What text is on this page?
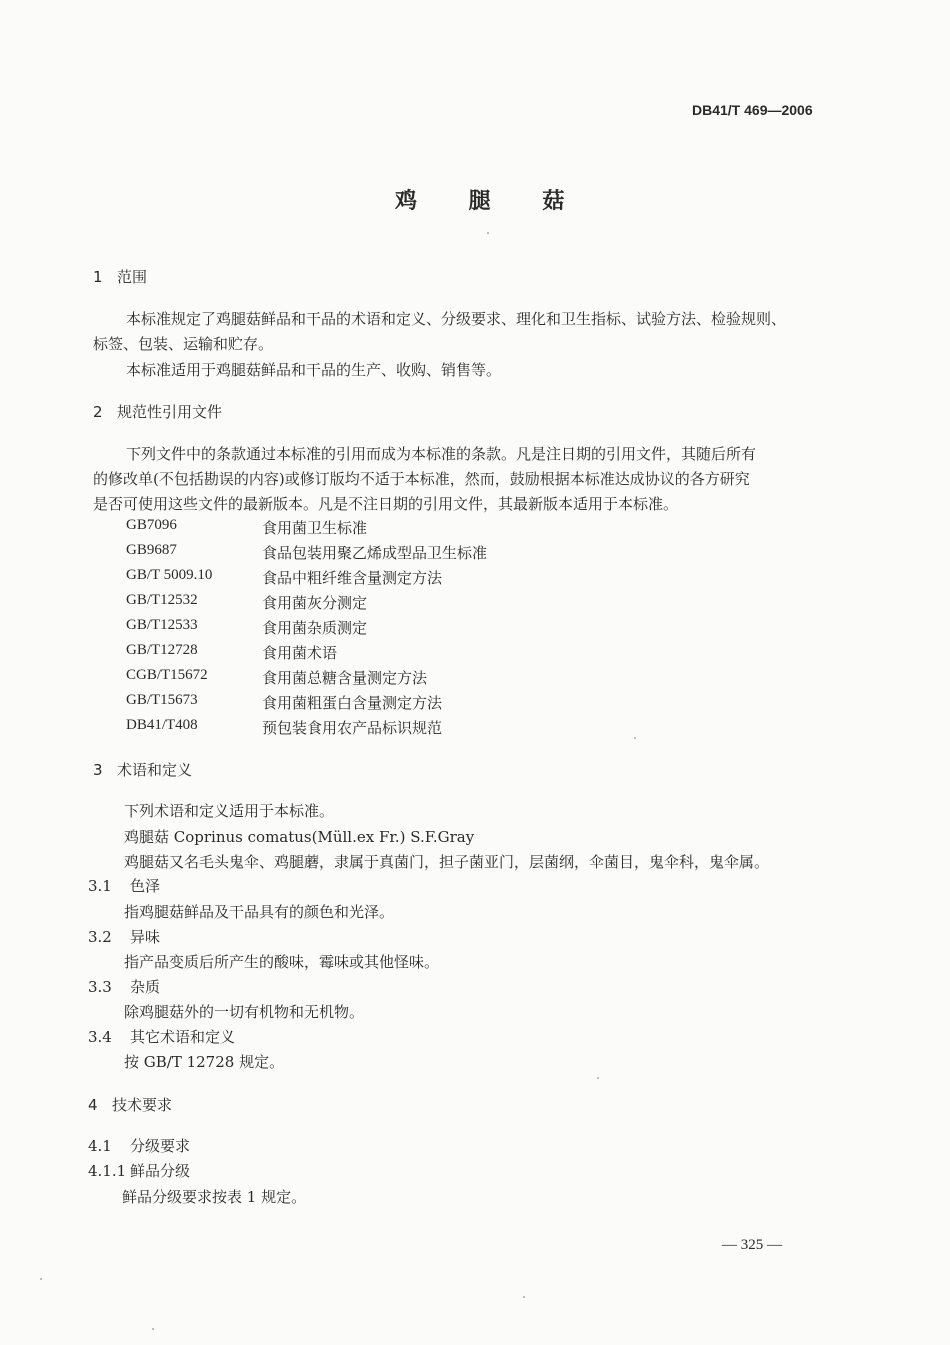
DB41/T 469—2006
鸡 腿 菇
1 范围
本标准规定了鸡腿菇鲜品和干品的术语和定义、分级要求、理化和卫生指标、试验方法、检验规则、
标签、包装、运输和贮存。
本标准适用于鸡腿菇鲜品和干品的生产、收购、销售等。
2 规范性引用文件
下列文件中的条款通过本标准的引用而成为本标准的条款。凡是注日期的引用文件，其随后所有
的修改单(不包括勘误的内容)或修订版均不适于本标准，然而，鼓励根据本标准达成协议的各方研究
是否可使用这些文件的最新版本。凡是不注日期的引用文件，其最新版本适用于本标准。
GB7096	食用菌卫生标准
GB9687	食品包装用聚乙烯成型品卫生标准
GB/T 5009.10	食品中粗纤维含量测定方法
GB/T12532	食用菌灰分测定
GB/T12533	食用菌杂质测定
GB/T12728	食用菌术语
CGB/T15672	食用菌总糖含量测定方法
GB/T15673	食用菌粗蛋白含量测定方法
DB41/T408	预包装食用农产品标识规范
3 术语和定义
下列术语和定义适用于本标准。
鸡腿菇 Coprinus comatus(Müll.ex Fr.) S.F.Gray
鸡腿菇又名毛头鬼伞、鸡腿蘑，隶属于真菌门，担子菌亚门，层菌纲，伞菌目，鬼伞科，鬼伞属。
3.1 色泽
指鸡腿菇鲜品及干品具有的颜色和光泽。
3.2 异味
指产品变质后所产生的酸味，霉味或其他怪味。
3.3 杂质
除鸡腿菇外的一切有机物和无机物。
3.4 其它术语和定义
按 GB/T 12728 规定。
4 技术要求
4.1 分级要求
4.1.1 鲜品分级
鲜品分级要求按表 1 规定。
— 325 —
